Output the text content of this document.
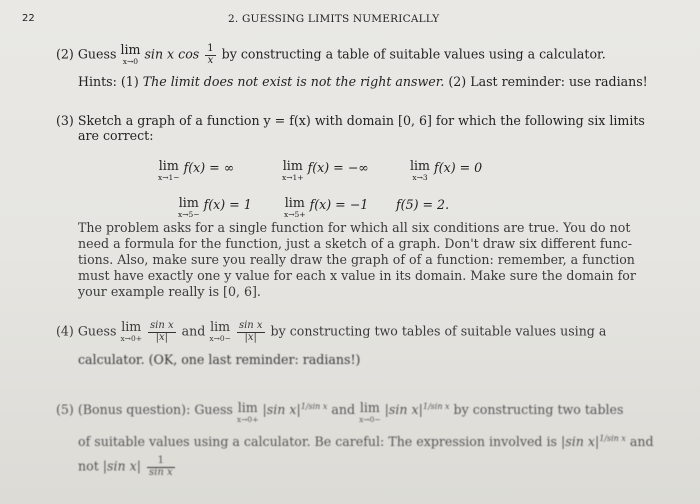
22	2. GUESSING LIMITS NUMERICALLY
(2) Guess lim
x→0 sin x $\cos \frac{1}{x}$ by constructing a table of suitable values using a calculator.
Hints: (1) The limit does not exist is not the right answer. (2) Last reminder: use radians!
(3) Sketch a graph of a function y = f(x) with domain [0, 6] for which the following six limits
are correct:
lim
x→1−
f(x) = ∞	lim
x→1+
f(x) = −∞	lim
x→3
f(x) = 0
lim
x→5−
f(x) = 1	lim
x→5+
f(x) = −1 f(5) = 2.
The problem asks for a single function for which all six conditions are true. You do not
need a formula for the function, just a sketch of a graph. Don't draw six different func-
tions. Also, make sure you really draw the graph of of a function: remember, a function
must have exactly one y value for each x value in its domain. Make sure the domain for
your example really is [0, 6].
(4) Guess lim
x→0+
$\frac{\text{sin x}}{|x|}$ and lim
x→0−
$\frac{\text{sin x}}{|x|}$ by constructing two tables of suitable values using a
calculator. (OK, one last reminder: radians!)
(5) (Bonus question): Guess lim
x→0+
|sin $x|^{1/sin x}$ and lim
x→0−
|sin $x|^{1/sin x}$ by constructing two tables
of suitable values using a calculator. Be careful: The expression involved is |sin $x|^{1/sin x}$ and
not |sin $x| \frac{1}{\text{sin x}}$
